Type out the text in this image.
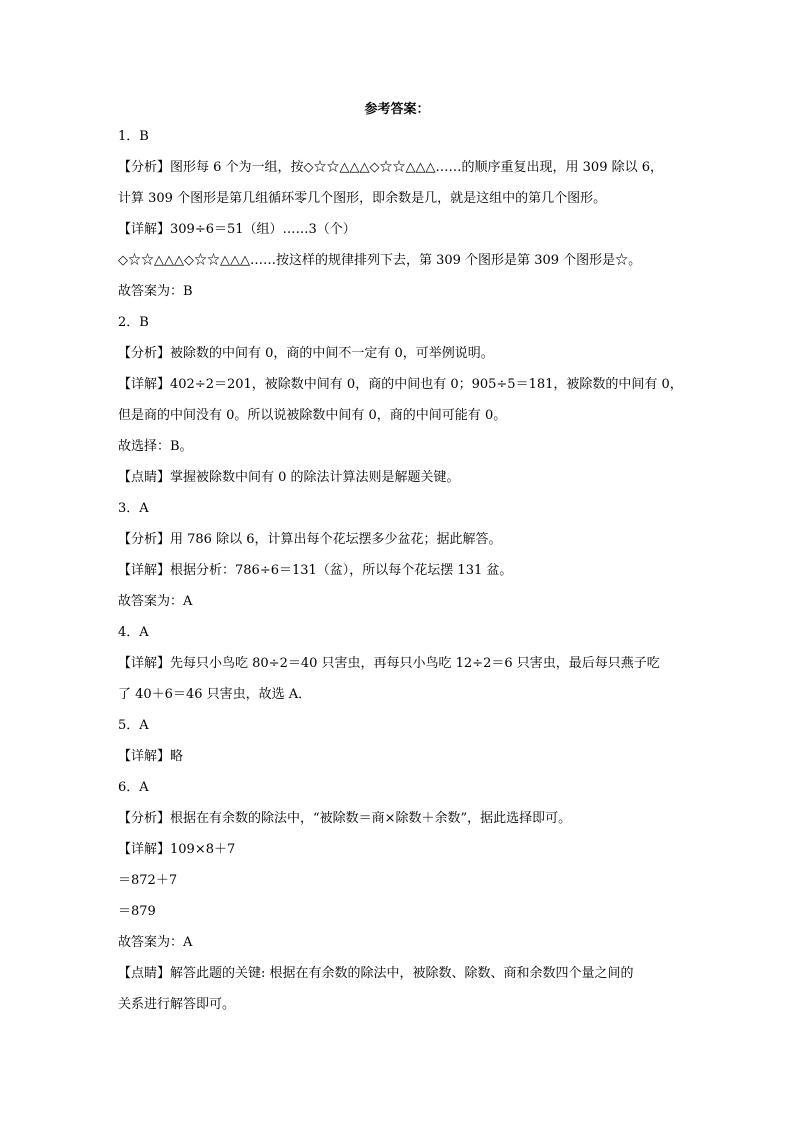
参考答案：
1．B
【分析】图形每 6 个为一组，按◇☆☆△△△◇☆☆△△△……的顺序重复出现，用 309 除以 6，
计算 309 个图形是第几组循环零几个图形，即余数是几，就是这组中的第几个图形。
【详解】309÷6＝51（组）……3（个）
◇☆☆△△△◇☆☆△△△……按这样的规律排列下去，第 309 个图形是第 309 个图形是☆。
故答案为：B
2．B
【分析】被除数的中间有 0，商的中间不一定有 0，可举例说明。
【详解】402÷2＝201，被除数中间有 0，商的中间也有 0；905÷5＝181，被除数的中间有 0，
但是商的中间没有 0。所以说被除数中间有 0，商的中间可能有 0。
故选择：B。
【点睛】掌握被除数中间有 0 的除法计算法则是解题关键。
3．A
【分析】用 786 除以 6，计算出每个花坛摆多少盆花；据此解答。
【详解】根据分析：786÷6＝131（盆），所以每个花坛摆 131 盆。
故答案为：A
4．A
【详解】先每只小鸟吃 80÷2＝40 只害虫，再每只小鸟吃 12÷2＝6 只害虫，最后每只燕子吃
了 40＋6＝46 只害虫，故选 A．
5．A
【详解】略
6．A
【分析】根据在有余数的除法中，“被除数＝商×除数＋余数”，据此选择即可。
【详解】109×8＋7
＝872＋7
＝879
故答案为：A
【点睛】解答此题的关键: 根据在有余数的除法中，被除数、除数、商和余数四个量之间的
关系进行解答即可。
